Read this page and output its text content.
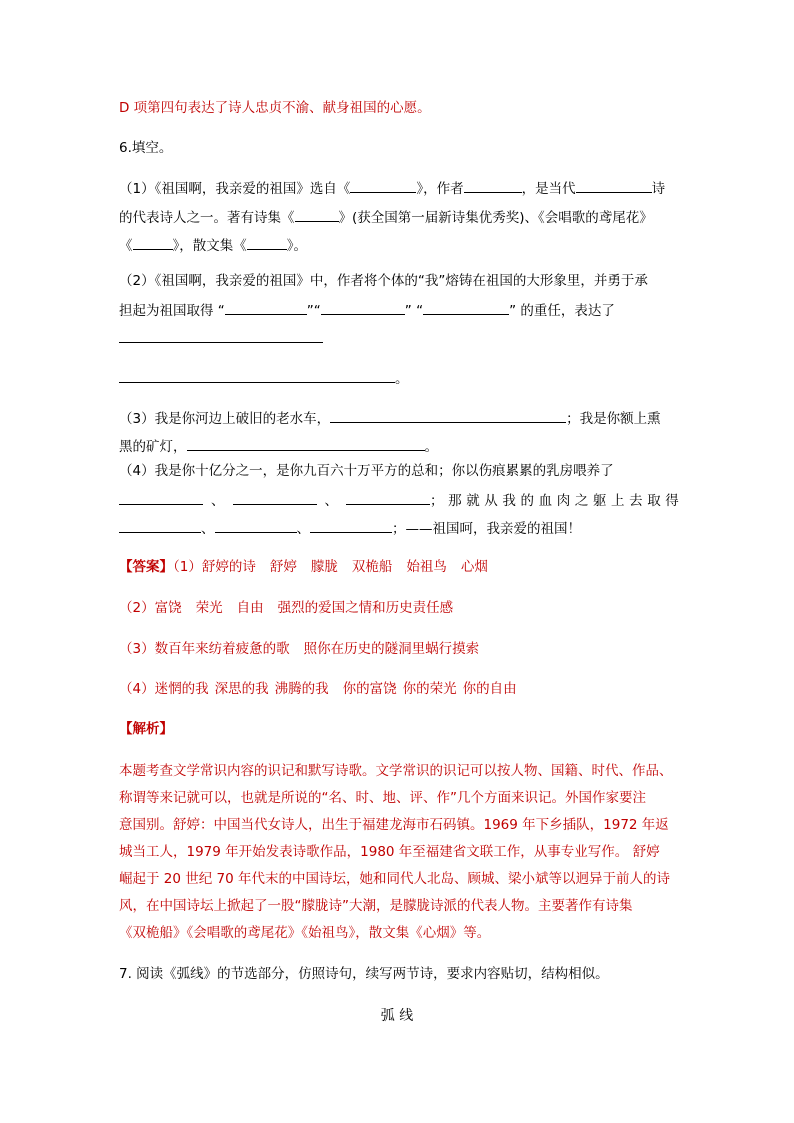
D 项第四句表达了诗人忠贞不渝、献身祖国的心愿。
6.填空。
（1）《祖国啊，我亲爱的祖国》选自《	》，作者	，是当代	诗
的代表诗人之一。著有诗集《	》(获全国第一届新诗集优秀奖)、《会唱歌的鸢尾花》
《	》，散文集《	》。
（2）《祖国啊，我亲爱的祖国》中，作者将个体的“我”熔铸在祖国的大形象里，并勇于承
担起为祖国取得 “	”“	” “	” 的重任，表达了
。
（3）我是你河边上破旧的老水车，	；我是你额上熏
黑的矿灯，	。
（4）我是你十亿分之一，是你九百六十万平方的总和；你以伤痕累累的乳房喂养了
、	、	；那就从我的血肉之躯上去取得
、	、	；——祖国呵，我亲爱的祖国！
【答案】（1）舒婷的诗 舒婷 朦胧 双桅船 始祖鸟 心烟
（2）富饶 荣光 自由 强烈的爱国之情和历史责任感
（3）数百年来纺着疲惫的歌 照你在历史的隧洞里蜗行摸索
（4）迷惘的我 深思的我 沸腾的我 你的富饶 你的荣光 你的自由
【解析】
本题考查文学常识内容的识记和默写诗歌。文学常识的识记可以按人物、国籍、时代、作品、
称谓等来记就可以，也就是所说的“名、时、地、评、作”几个方面来识记。外国作家要注
意国别。舒婷：中国当代女诗人，出生于福建龙海市石码镇。1969 年下乡插队，1972 年返
城当工人，1979 年开始发表诗歌作品，1980 年至福建省文联工作，从事专业写作。 舒婷
崛起于 20 世纪 70 年代末的中国诗坛，她和同代人北岛、顾城、梁小斌等以迥异于前人的诗
风，在中国诗坛上掀起了一股“朦胧诗”大潮，是朦胧诗派的代表人物。主要著作有诗集
《双桅船》《会唱歌的鸢尾花》《始祖鸟》，散文集《心烟》等。
7. 阅读《弧线》的节选部分，仿照诗句，续写两节诗，要求内容贴切，结构相似。
弧 线
